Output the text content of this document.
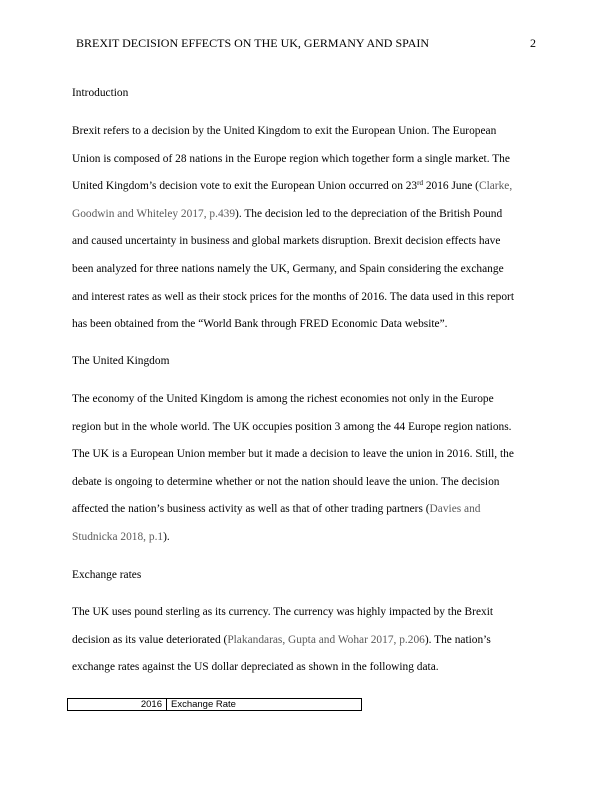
BREXIT DECISION EFFECTS ON THE UK, GERMANY AND SPAIN	2
Introduction
Brexit refers to a decision by the United Kingdom to exit the European Union. The European
Union is composed of 28 nations in the Europe region which together form a single market. The
United Kingdom’s decision vote to exit the European Union occurred on 23rd 2016 June (Clarke,
Goodwin and Whiteley 2017, p.439). The decision led to the depreciation of the British Pound
and caused uncertainty in business and global markets disruption. Brexit decision effects have
been analyzed for three nations namely the UK, Germany, and Spain considering the exchange
and interest rates as well as their stock prices for the months of 2016. The data used in this report
has been obtained from the “World Bank through FRED Economic Data website”.
The United Kingdom
The economy of the United Kingdom is among the richest economies not only in the Europe
region but in the whole world. The UK occupies position 3 among the 44 Europe region nations.
The UK is a European Union member but it made a decision to leave the union in 2016. Still, the
debate is ongoing to determine whether or not the nation should leave the union. The decision
affected the nation’s business activity as well as that of other trading partners (Davies and
Studnicka 2018, p.1).
Exchange rates
The UK uses pound sterling as its currency. The currency was highly impacted by the Brexit
decision as its value deteriorated (Plakandaras, Gupta and Wohar 2017, p.206). The nation’s
exchange rates against the US dollar depreciated as shown in the following data.
2016	Exchange Rate
